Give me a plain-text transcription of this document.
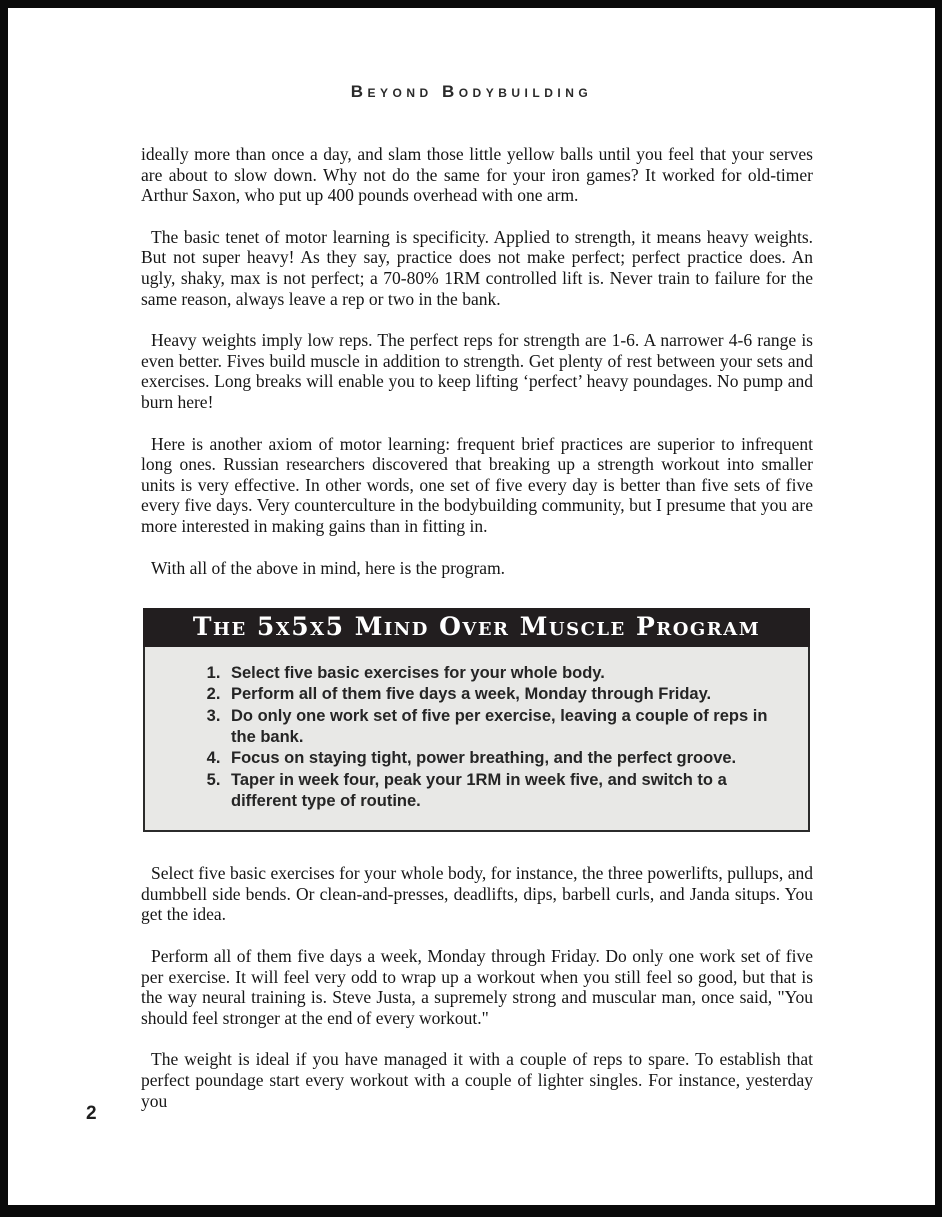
Beyond Bodybuilding

ideally more than once a day, and slam those little yellow balls until you feel that your serves are about to slow down. Why not do the same for your iron games? It worked for old-timer Arthur Saxon, who put up 400 pounds overhead with one arm.

The basic tenet of motor learning is specificity. Applied to strength, it means heavy weights. But not super heavy! As they say, practice does not make perfect; perfect practice does. An ugly, shaky, max is not perfect; a 70-80% 1RM controlled lift is. Never train to failure for the same reason, always leave a rep or two in the bank.

Heavy weights imply low reps. The perfect reps for strength are 1-6. A narrower 4-6 range is even better. Fives build muscle in addition to strength. Get plenty of rest between your sets and exercises. Long breaks will enable you to keep lifting ‘perfect’ heavy poundages. No pump and burn here!

Here is another axiom of motor learning: frequent brief practices are superior to infrequent long ones. Russian researchers discovered that breaking up a strength workout into smaller units is very effective. In other words, one set of five every day is better than five sets of five every five days. Very counterculture in the bodybuilding community, but I presume that you are more interested in making gains than in fitting in.

With all of the above in mind, here is the program.

The 5x5x5 Mind Over Muscle Program
1. Select five basic exercises for your whole body.
2. Perform all of them five days a week, Monday through Friday.
3. Do only one work set of five per exercise, leaving a couple of reps in the bank.
4. Focus on staying tight, power breathing, and the perfect groove.
5. Taper in week four, peak your 1RM in week five, and switch to a different type of routine.

Select five basic exercises for your whole body, for instance, the three powerlifts, pullups, and dumbbell side bends. Or clean-and-presses, deadlifts, dips, barbell curls, and Janda situps. You get the idea.

Perform all of them five days a week, Monday through Friday. Do only one work set of five per exercise. It will feel very odd to wrap up a workout when you still feel so good, but that is the way neural training is. Steve Justa, a supremely strong and muscular man, once said, "You should feel stronger at the end of every workout."

The weight is ideal if you have managed it with a couple of reps to spare. To establish that perfect poundage start every workout with a couple of lighter singles. For instance, yesterday you

2
